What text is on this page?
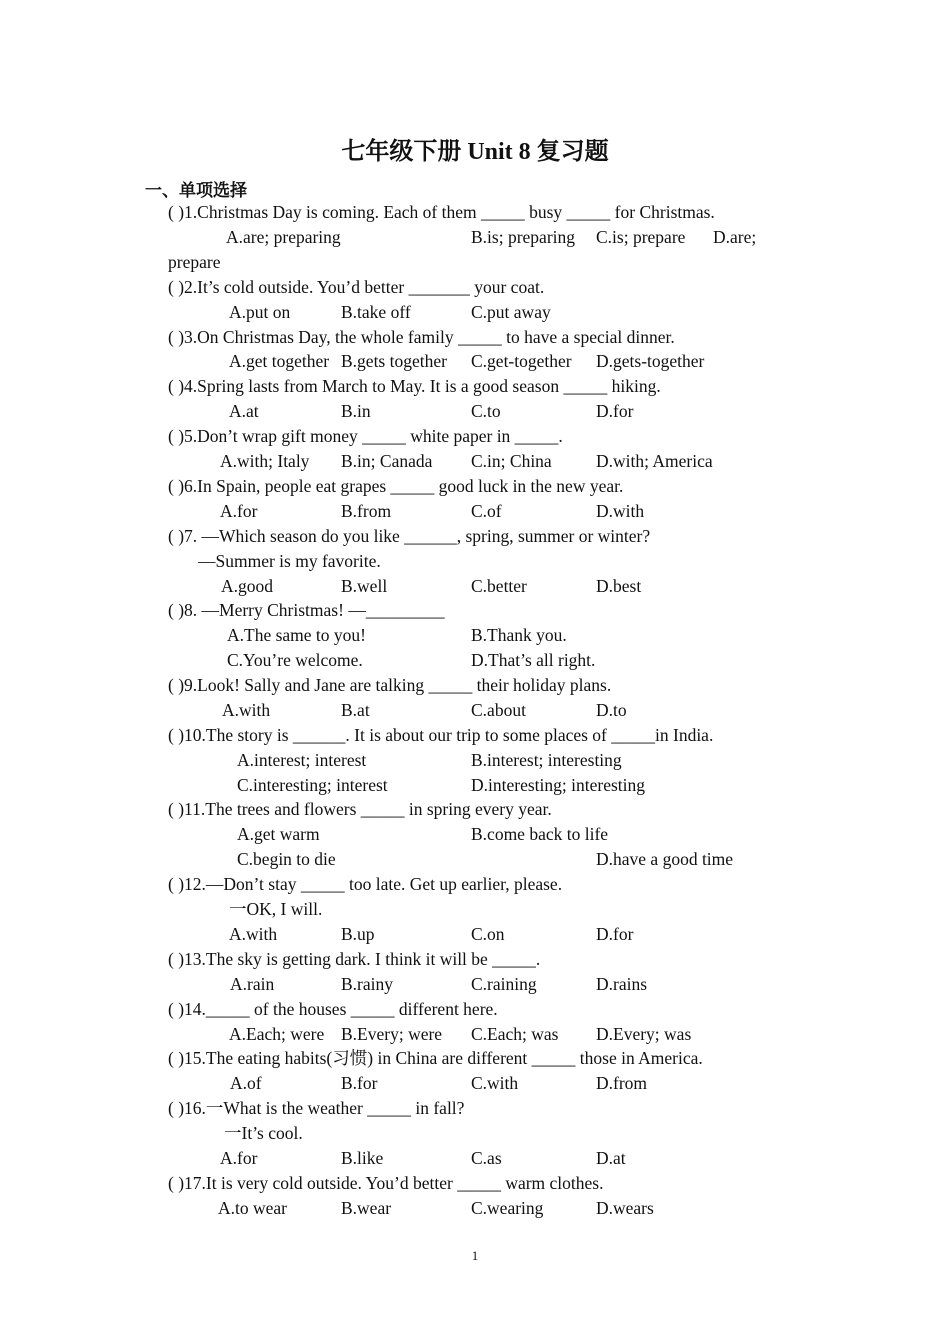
七年级下册 Unit 8 复习题
一、单项选择
( )1.Christmas Day is coming. Each of them _____ busy _____ for Christmas.
A.are; preparing	B.is; preparing C.is; prepare D.are;
prepare
( )2.It’s cold outside. You’d better _______ your coat.
A.put on	B.take off	C.put away
( )3.On Christmas Day, the whole family _____ to have a special dinner.
A.get together B.gets together C.get-together D.gets-together
( )4.Spring lasts from March to May. It is a good season _____ hiking.
A.at	B.in	C.to	D.for
( )5.Don’t wrap gift money _____ white paper in _____.
A.with; Italy B.in; Canada C.in; China	D.with; America
( )6.In Spain, people eat grapes _____ good luck in the new year.
A.for	B.from	C.of	D.with
( )7. —Which season do you like ______, spring, summer or winter?
—Summer is my favorite.
A.good	B.well	C.better	D.best
( )8. —Merry Christmas! —_________
A.The same to you!	B.Thank you.
C.You’re welcome.	D.That’s all right.
( )9.Look! Sally and Jane are talking _____ their holiday plans.
A.with	B.at	C.about	D.to
( )10.The story is ______. It is about our trip to some places of _____in India.
A.interest; interest	B.interest; interesting
C.interesting; interest	D.interesting; interesting
( )11.The trees and flowers _____ in spring every year.
A.get warm	B.come back to life
C.begin to die	D.have a good time
( )12.—Don’t stay _____ too late. Get up earlier, please.
一OK, I will.
A.with	B.up	C.on	D.for
( )13.The sky is getting dark. I think it will be _____.
A.rain	B.rainy	C.raining	D.rains
( )14._____ of the houses _____ different here.
A.Each; were B.Every; were C.Each; was D.Every; was
( )15.The eating habits(习惯) in China are different _____ those in America.
A.of	B.for	C.with	D.from
( )16.一What is the weather _____ in fall?
一It’s cool.
A.for	B.like	C.as	D.at
( )17.It is very cold outside. You’d better _____ warm clothes.
A.to wear	B.wear	C.wearing	D.wears
1
